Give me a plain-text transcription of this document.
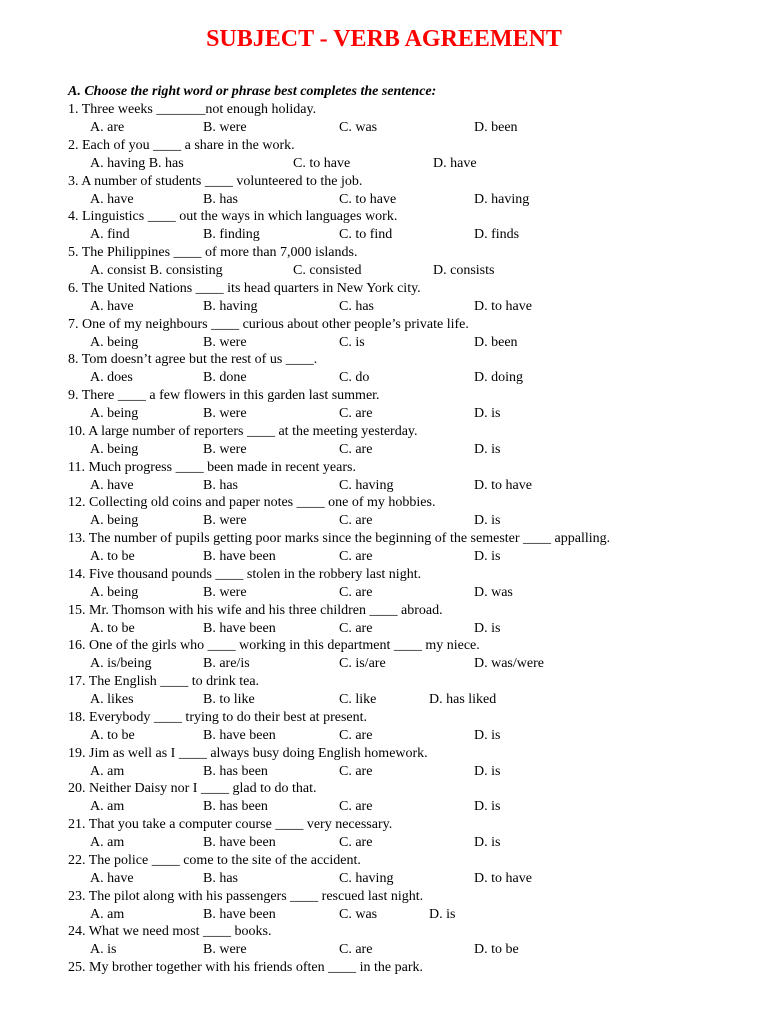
SUBJECT - VERB AGREEMENT
A. Choose the right word or phrase best completes the sentence:
1. Three weeks _______not enough holiday.
A. are	B. were	C. was	D. been
2. Each of you ____ a share in the work.
A. having B. has	C. to have	D. have
3. A number of students ____ volunteered to the job.
A. have	B. has	C. to have	D. having
4. Linguistics ____ out the ways in which languages work.
A. find	B. finding	C. to find	D. finds
5. The Philippines ____ of more than 7,000 islands.
A. consist B. consisting	C. consisted	D. consists
6. The United Nations ____ its head quarters in New York city.
A. have	B. having	C. has	D. to have
7. One of my neighbours ____ curious about other people’s private life.
A. being	B. were	C. is	D. been
8. Tom doesn’t agree but the rest of us ____.
A. does	B. done	C. do	D. doing
9. There ____ a few flowers in this garden last summer.
A. being	B. were	C. are	D. is
10. A large number of reporters ____ at the meeting yesterday.
A. being	B. were	C. are	D. is
11. Much progress ____ been made in recent years.
A. have	B. has	C. having	D. to have
12. Collecting old coins and paper notes ____ one of my hobbies.
A. being	B. were	C. are	D. is
13. The number of pupils getting poor marks since the beginning of the semester ____ appalling.
A. to be	B. have been	C. are	D. is
14. Five thousand pounds ____ stolen in the robbery last night.
A. being	B. were	C. are	D. was
15. Mr. Thomson with his wife and his three children ____ abroad.
A. to be	B. have been	C. are	D. is
16. One of the girls who ____ working in this department ____ my niece.
A. is/being	B. are/is	C. is/are	D. was/were
17. The English ____ to drink tea.
A. likes	B. to like	C. like	D. has liked
18. Everybody ____ trying to do their best at present.
A. to be	B. have been	C. are	D. is
19. Jim as well as I ____ always busy doing English homework.
A. am	B. has been	C. are	D. is
20. Neither Daisy nor I ____ glad to do that.
A. am	B. has been	C. are	D. is
21. That you take a computer course ____ very necessary.
A. am	B. have been	C. are	D. is
22. The police ____ come to the site of the accident.
A. have	B. has	C. having	D. to have
23. The pilot along with his passengers ____ rescued last night.
A. am	B. have been	C. was	D. is
24. What we need most ____ books.
A. is	B. were	C. are	D. to be
25. My brother together with his friends often ____ in the park.
